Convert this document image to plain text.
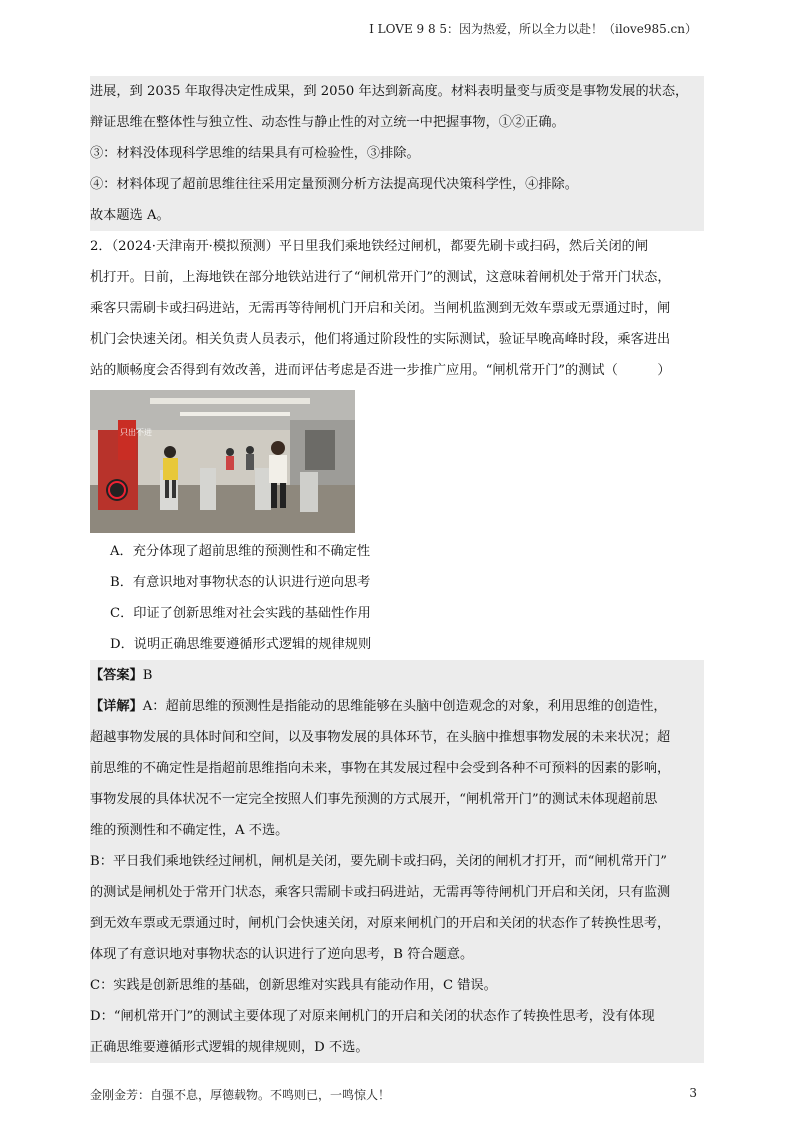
I LOVE 9 8 5：因为热爱，所以全力以赴！（ilove985.cn）

进展，到 2035 年取得决定性成果，到 2050 年达到新高度。材料表明量变与质变是事物发展的状态，

辩证思维在整体性与独立性、动态性与静止性的对立统一中把握事物，①②正确。

③：材料没体现科学思维的结果具有可检验性，③排除。

④：材料体现了超前思维往往采用定量预测分析方法提高现代决策科学性，④排除。

故本题选 A。

2．（2024·天津南开·模拟预测）平日里我们乘地铁经过闸机，都要先刷卡或扫码，然后关闭的闸

机打开。日前，上海地铁在部分地铁站进行了“闸机常开门”的测试，这意味着闸机处于常开门状态，

乘客只需刷卡或扫码进站，无需再等待闸机门开启和关闭。当闸机监测到无效车票或无票通过时，闸

机门会快速关闭。相关负责人员表示，他们将通过阶段性的实际测试，验证早晚高峰时段，乘客进出

站的顺畅度会否得到有效改善，进而评估考虑是否进一步推广应用。“闸机常开门”的测试（　　　）

只出不进

A．充分体现了超前思维的预测性和不确定性

B．有意识地对事物状态的认识进行逆向思考

C．印证了创新思维对社会实践的基础性作用

D．说明正确思维要遵循形式逻辑的规律规则

【答案】B

【详解】A：超前思维的预测性是指能动的思维能够在头脑中创造观念的对象，利用思维的创造性，

超越事物发展的具体时间和空间，以及事物发展的具体环节，在头脑中推想事物发展的未来状况；超

前思维的不确定性是指超前思维指向未来，事物在其发展过程中会受到各种不可预料的因素的影响，

事物发展的具体状况不一定完全按照人们事先预测的方式展开，“闸机常开门”的测试未体现超前思

维的预测性和不确定性，A 不选。

B：平日我们乘地铁经过闸机，闸机是关闭，要先刷卡或扫码，关闭的闸机才打开，而“闸机常开门”

的测试是闸机处于常开门状态，乘客只需刷卡或扫码进站，无需再等待闸机门开启和关闭，只有监测

到无效车票或无票通过时，闸机门会快速关闭，对原来闸机门的开启和关闭的状态作了转换性思考，

体现了有意识地对事物状态的认识进行了逆向思考，B 符合题意。

C：实践是创新思维的基础，创新思维对实践具有能动作用，C 错误。

D：“闸机常开门”的测试主要体现了对原来闸机门的开启和关闭的状态作了转换性思考，没有体现

正确思维要遵循形式逻辑的规律规则，D 不选。

金刚金芳：自强不息，厚德载物。不鸣则已，一鸣惊人！	3
